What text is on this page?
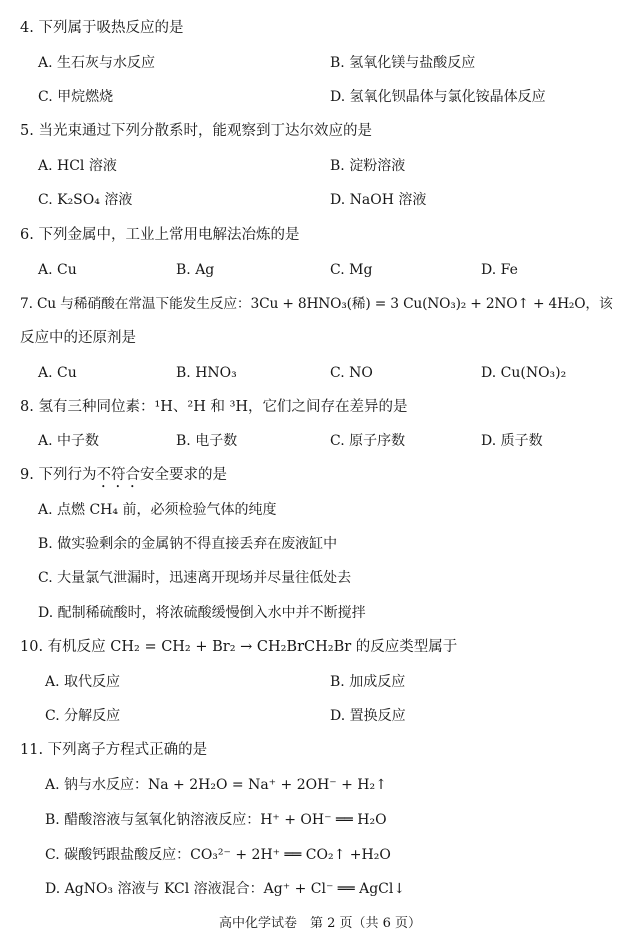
4. 下列属于吸热反应的是
A. 生石灰与水反应	B. 氢氧化镁与盐酸反应
C. 甲烷燃烧	D. 氢氧化钡晶体与氯化铵晶体反应
5. 当光束通过下列分散系时，能观察到丁达尔效应的是
A. HCl 溶液	B. 淀粉溶液
C. K₂SO₄ 溶液	D. NaOH 溶液
6. 下列金属中，工业上常用电解法冶炼的是
A. Cu	B. Ag	C. Mg	D. Fe
7. Cu 与稀硝酸在常温下能发生反应：3Cu + 8HNO₃(稀) = 3 Cu(NO₃)₂ + 2NO↑ + 4H₂O，该
反应中的还原剂是
A. Cu	B. HNO₃	C. NO	D. Cu(NO₃)₂
8. 氢有三种同位素：¹H、²H 和 ³H，它们之间存在差异的是
A. 中子数	B. 电子数	C. 原子序数	D. 质子数
9. 下列行为不符合安全要求的是
A. 点燃 CH₄ 前，必须检验气体的纯度
B. 做实验剩余的金属钠不得直接丢弃在废液缸中
C. 大量氯气泄漏时，迅速离开现场并尽量往低处去
D. 配制稀硫酸时，将浓硫酸缓慢倒入水中并不断搅拌
10. 有机反应 CH₂ = CH₂ + Br₂ → CH₂BrCH₂Br 的反应类型属于
A. 取代反应	B. 加成反应
C. 分解反应	D. 置换反应
11. 下列离子方程式正确的是
A. 钠与水反应：Na + 2H₂O = Na⁺ + 2OH⁻ + H₂↑
B. 醋酸溶液与氢氧化钠溶液反应：H⁺ + OH⁻ ══ H₂O
C. 碳酸钙跟盐酸反应：CO₃²⁻ + 2H⁺ ══ CO₂↑ +H₂O
D. AgNO₃ 溶液与 KCl 溶液混合：Ag⁺ + Cl⁻ ══ AgCl↓
高中化学试卷　第 2 页（共 6 页）
